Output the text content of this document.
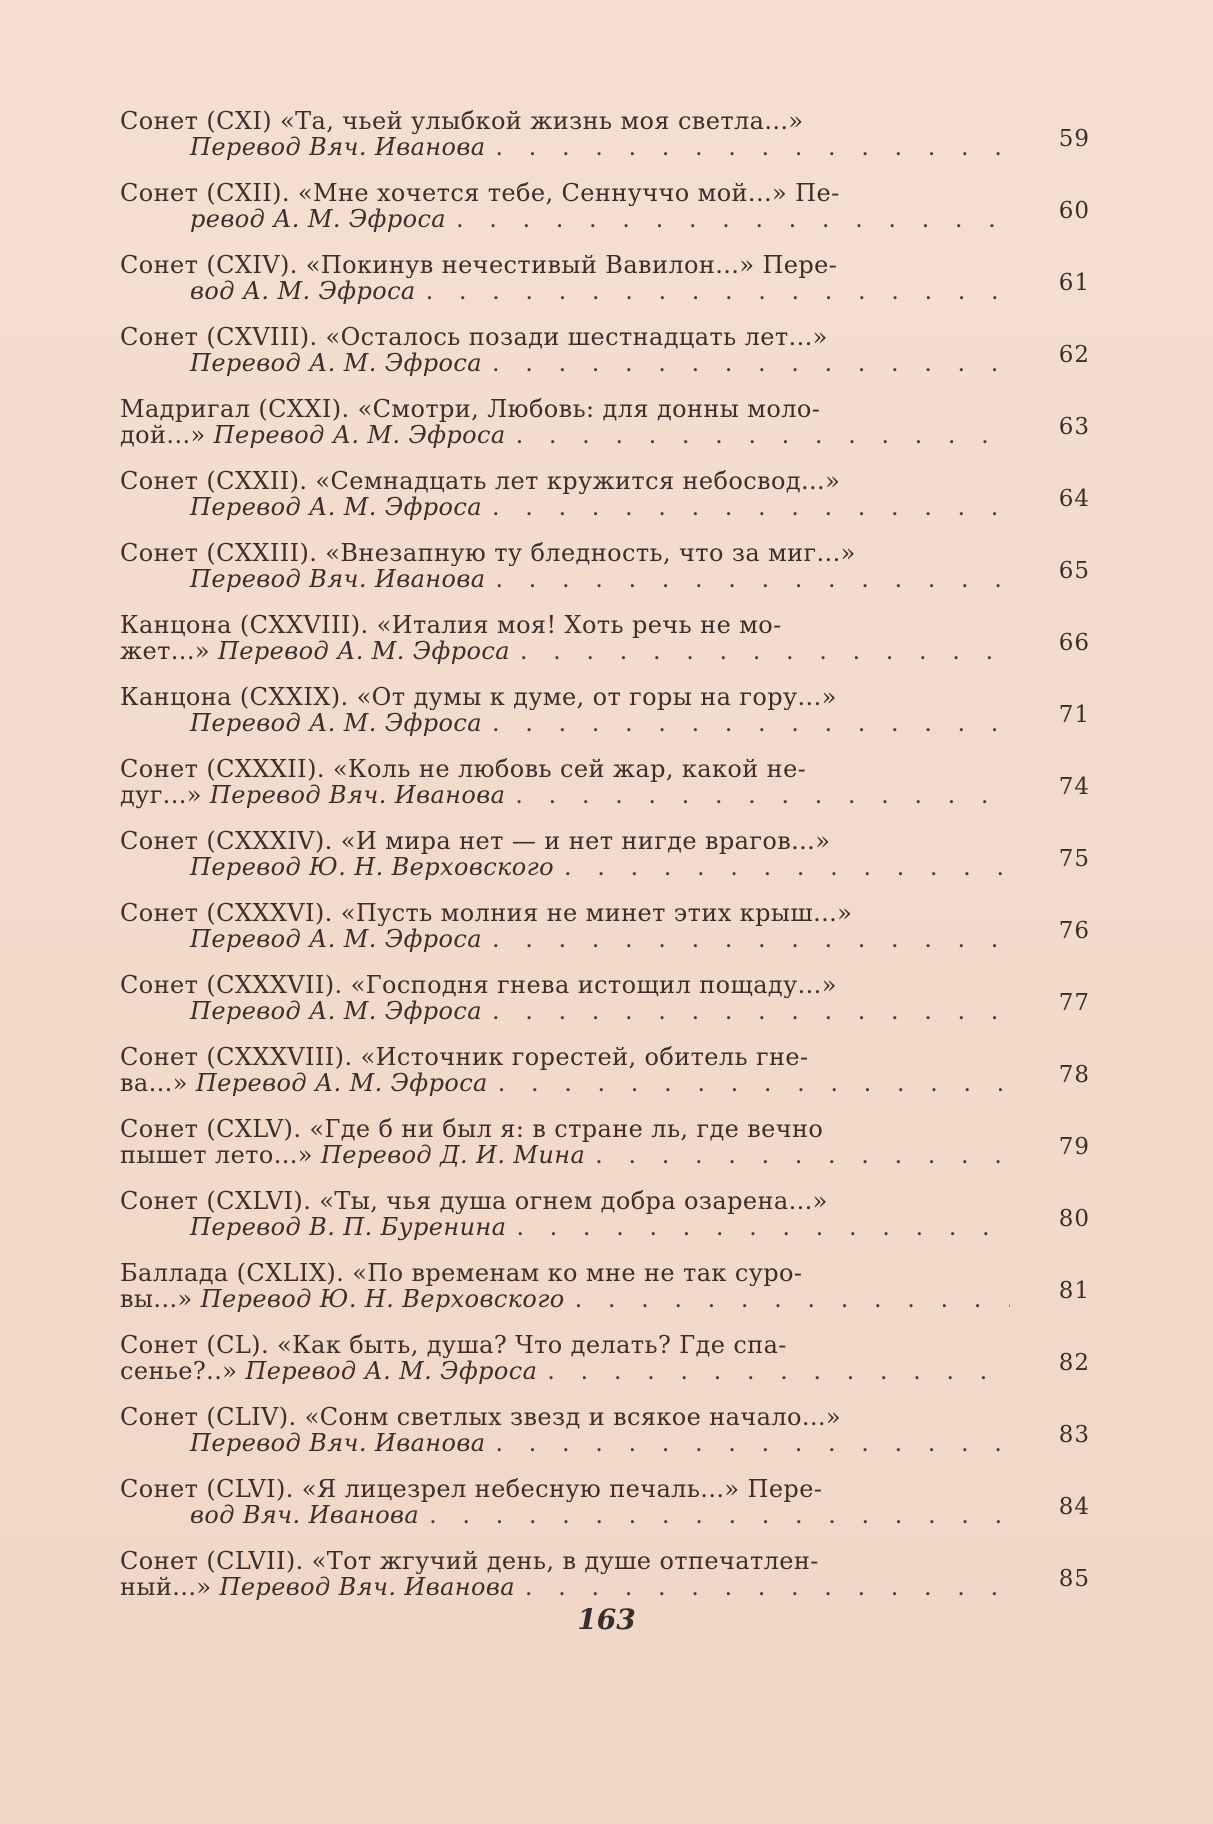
Сонет (CXI) «Та, чьей улыбкой жизнь моя светла...»
Перевод Вяч. Иванова . . .	59
Сонет (CXII). «Мне хочется тебе, Сеннуччо мой...» Пе-
ревод А. М. Эфроса . . .	60
Сонет (CXIV). «Покинув нечестивый Вавилон...» Пере-
вод А. М. Эфроса . . .	61
Сонет (CXVIII). «Осталось позади шестнадцать лет...»
Перевод А. М. Эфроса . . .	62
Мадригал (CXXI). «Смотри, Любовь: для донны моло-
дой...» Перевод А. М. Эфроса . . .	63
Сонет (CXXII). «Семнадцать лет кружится небосвод...»
Перевод А. М. Эфроса . . .	64
Сонет (CXXIII). «Внезапную ту бледность, что за миг...»
Перевод Вяч. Иванова . . .	65
Канцона (CXXVIII). «Италия моя! Хоть речь не мо-
жет...» Перевод А. М. Эфроса . . .	66
Канцона (CXXIX). «От думы к думе, от горы на гору...»
Перевод А. М. Эфроса . . .	71
Сонет (CXXXII). «Коль не любовь сей жар, какой не-
дуг...» Перевод Вяч. Иванова . . .	74
Сонет (CXXXIV). «И мира нет — и нет нигде врагов...»
Перевод Ю. Н. Верховского . . .	75
Сонет (CXXXVI). «Пусть молния не минет этих крыш...»
Перевод А. М. Эфроса . . .	76
Сонет (CXXXVII). «Господня гнева истощил пощаду...»
Перевод А. М. Эфроса . . .	77
Сонет (CXXXVIII). «Источник горестей, обитель гне-
ва...» Перевод А. М. Эфроса . . .	78
Сонет (CXLV). «Где б ни был я: в стране ль, где вечно
пышет лето...» Перевод Д. И. Мина . . .	79
Сонет (CXLVI). «Ты, чья душа огнем добра озарена...»
Перевод В. П. Буренина . . .	80
Баллада (CXLIX). «По временам ко мне не так суро-
вы...» Перевод Ю. Н. Верховского . . .	81
Сонет (CL). «Как быть, душа? Что делать? Где спа-
сенье?..» Перевод А. М. Эфроса . . .	82
Сонет (CLIV). «Сонм светлых звезд и всякое начало...»
Перевод Вяч. Иванова . . .	83
Сонет (CLVI). «Я лицезрел небесную печаль...» Пере-
вод Вяч. Иванова . . .	84
Сонет (CLVII). «Тот жгучий день, в душе отпечатлен-
ный...» Перевод Вяч. Иванова . . .	85
163
